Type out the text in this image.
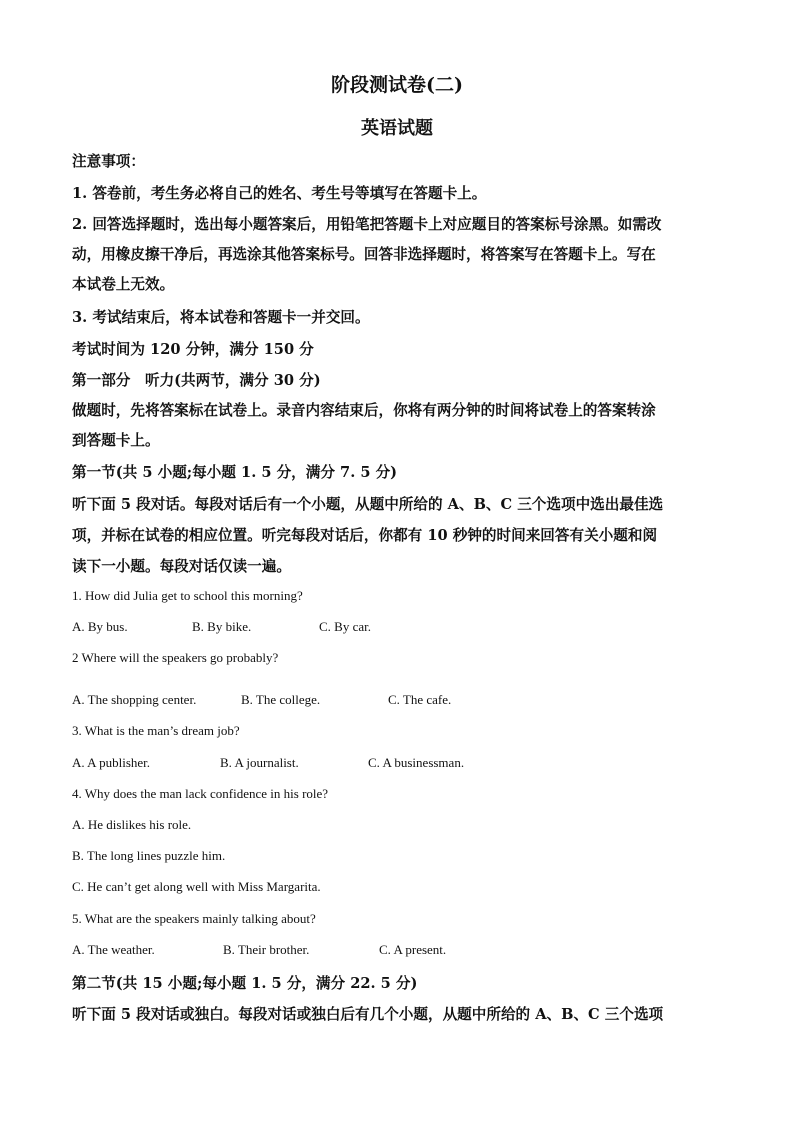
阶段测试卷(二)
英语试题
注意事项：
1. 答卷前，考生务必将自己的姓名、考生号等填写在答题卡上。
2. 回答选择题时，选出每小题答案后，用铅笔把答题卡上对应题目的答案标号涂黑。如需改
动，用橡皮擦干净后，再选涂其他答案标号。回答非选择题时，将答案写在答题卡上。写在
本试卷上无效。
3. 考试结束后，将本试卷和答题卡一并交回。
考试时间为 120 分钟，满分 150 分
第一部分　听力(共两节，满分 30 分)
做题时，先将答案标在试卷上。录音内容结束后，你将有两分钟的时间将试卷上的答案转涂
到答题卡上。
第一节(共 5 小题;每小题 1. 5 分，满分 7. 5 分)
听下面 5 段对话。每段对话后有一个小题，从题中所给的 A、B、C 三个选项中选出最佳选
项，并标在试卷的相应位置。听完每段对话后，你都有 10 秒钟的时间来回答有关小题和阅
读下一小题。每段对话仅读一遍。
1. How did Julia get to school this morning?
A. By bus.	B. By bike.	C. By car.
2 Where will the speakers go probably?
A. The shopping center.	B. The college.	C. The cafe.
3. What is the man’s dream job?
A. A publisher.	B. A journalist.	C. A businessman.
4. Why does the man lack confidence in his role?
A. He dislikes his role.
B. The long lines puzzle him.
C. He can’t get along well with Miss Margarita.
5. What are the speakers mainly talking about?
A. The weather.	B. Their brother.	C. A present.
第二节(共 15 小题;每小题 1. 5 分，满分 22. 5 分)
听下面 5 段对话或独白。每段对话或独白后有几个小题，从题中所给的 A、B、C 三个选项
